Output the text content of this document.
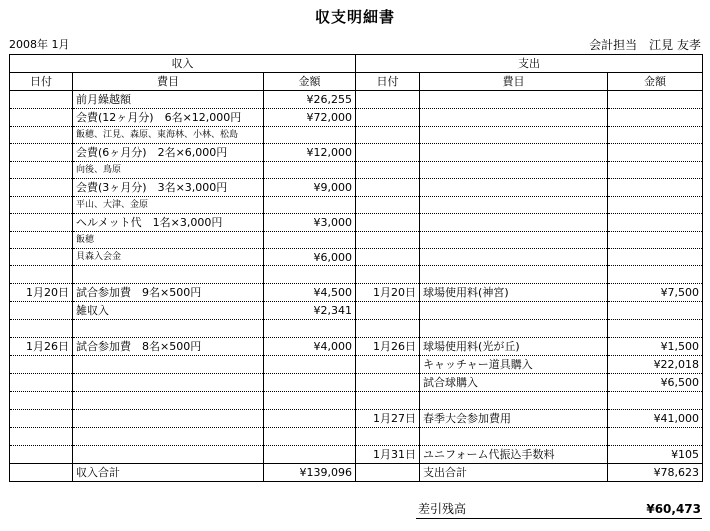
収支明細書
2008年 1月	会計担当　江見 友孝
収入			支出		
日付	費目	金額	日付	費目	金額
	前月繰越額	¥26,255			
	会費(12ヶ月分)　6名×12,000円	¥72,000			
	飯穂、江見、森原、東海林、小林、松島				
	会費(6ヶ月分)　2名×6,000円	¥12,000			
	向後、鳥原				
	会費(3ヶ月分)　3名×3,000円	¥9,000			
	平山、大津、金原				
	ヘルメット代　1名×3,000円	¥3,000			
	飯穂				
	貝森入会金	¥6,000			

1月20日	試合参加費　9名×500円	¥4,500	1月20日	球場使用料(神宮)	¥7,500
	雑収入	¥2,341			

1月26日	試合参加費　8名×500円	¥4,000	1月26日	球場使用料(光が丘)	¥1,500
				キャッチャー道具購入	¥22,018
				試合球購入	¥6,500

			1月27日	春季大会参加費用	¥41,000

			1月31日	ユニフォーム代振込手数料	¥105
	収入合計	¥139,096		支出合計	¥78,623
差引残高	¥60,473
